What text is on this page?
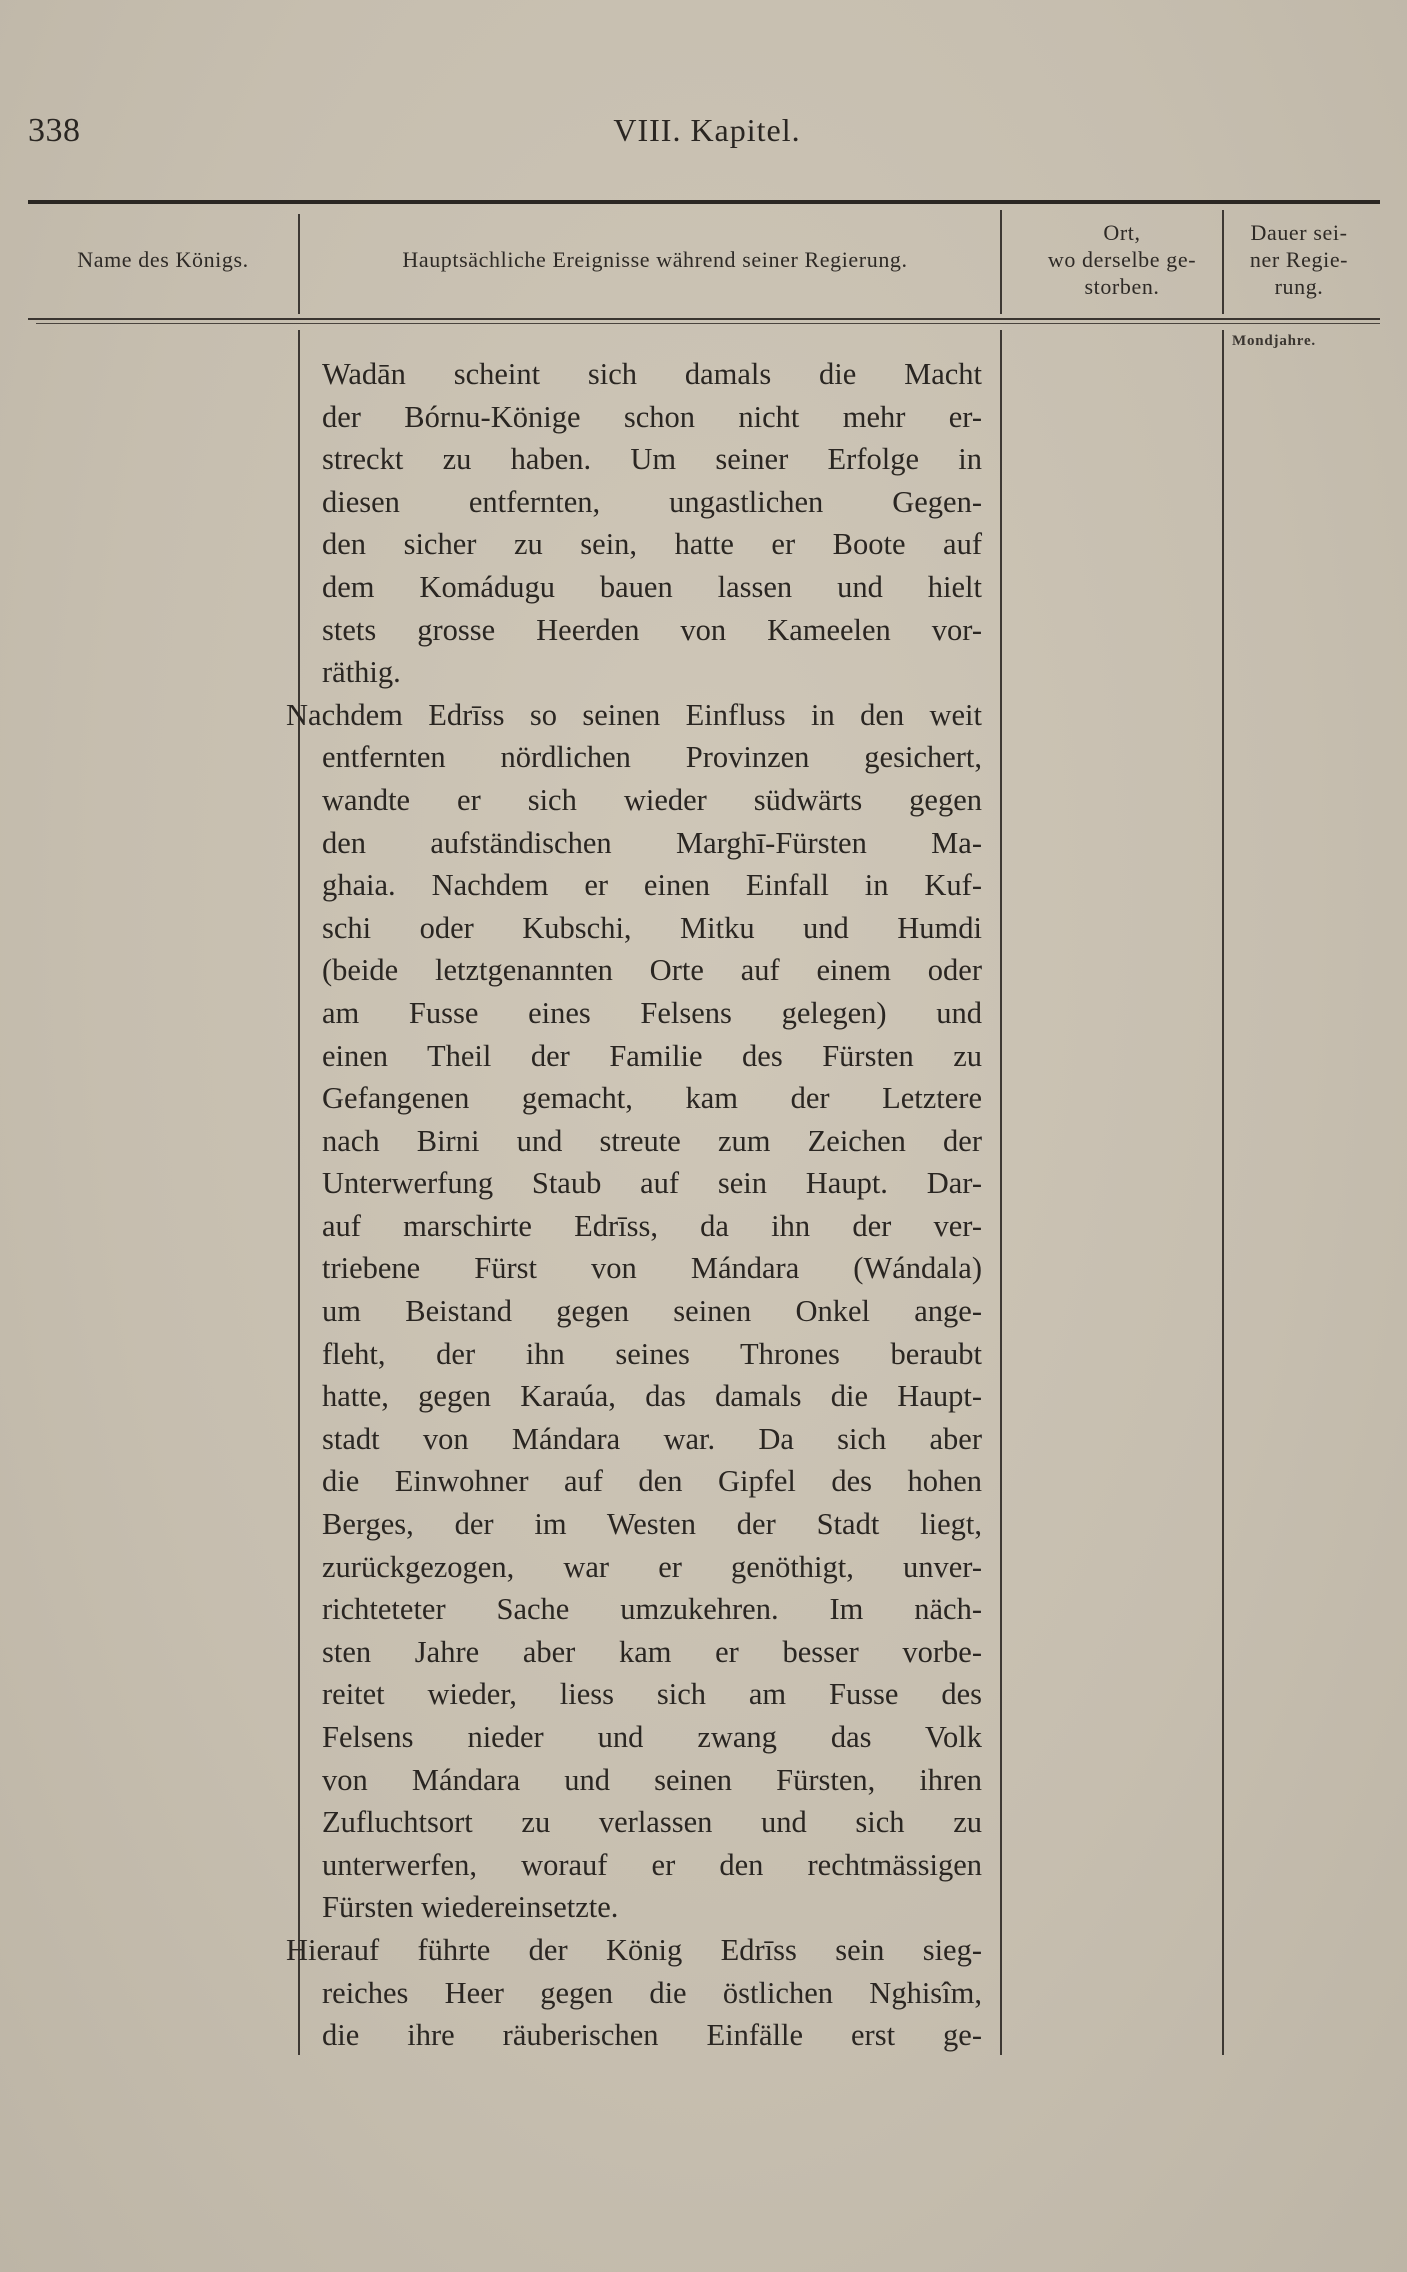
338	VIII. Kapitel.
Name des Königs.	Hauptsächliche Ereignisse während seiner Regierung.
Ort,
wo derselbe ge-
storben.
Dauer sei-
ner Regie-
rung.
Mondjahre.
Wadān scheint sich damals die Macht
der Bórnu-Könige schon nicht mehr er-
streckt zu haben. Um seiner Erfolge in
diesen entfernten, ungastlichen Gegen-
den sicher zu sein, hatte er Boote auf
dem Komádugu bauen lassen und hielt
stets grosse Heerden von Kameelen vor-
räthig.
Nachdem Edrīss so seinen Einfluss in den weit
entfernten nördlichen Provinzen gesichert,
wandte er sich wieder südwärts gegen
den aufständischen Marghī-Fürsten Ma-
ghaia. Nachdem er einen Einfall in Kuf-
schi oder Kubschi, Mitku und Humdi
(beide letztgenannten Orte auf einem oder
am Fusse eines Felsens gelegen) und
einen Theil der Familie des Fürsten zu
Gefangenen gemacht, kam der Letztere
nach Birni und streute zum Zeichen der
Unterwerfung Staub auf sein Haupt. Dar-
auf marschirte Edrīss, da ihn der ver-
triebene Fürst von Mándara (Wándala)
um Beistand gegen seinen Onkel ange-
fleht, der ihn seines Thrones beraubt
hatte, gegen Karaúa, das damals die Haupt-
stadt von Mándara war. Da sich aber
die Einwohner auf den Gipfel des hohen
Berges, der im Westen der Stadt liegt,
zurückgezogen, war er genöthigt, unver-
richteteter Sache umzukehren. Im näch-
sten Jahre aber kam er besser vorbe-
reitet wieder, liess sich am Fusse des
Felsens nieder und zwang das Volk
von Mándara und seinen Fürsten, ihren
Zufluchtsort zu verlassen und sich zu
unterwerfen, worauf er den rechtmässigen
Fürsten wiedereinsetzte.
Hierauf führte der König Edrīss sein sieg-
reiches Heer gegen die östlichen Nghisîm,
die ihre räuberischen Einfälle erst ge-
